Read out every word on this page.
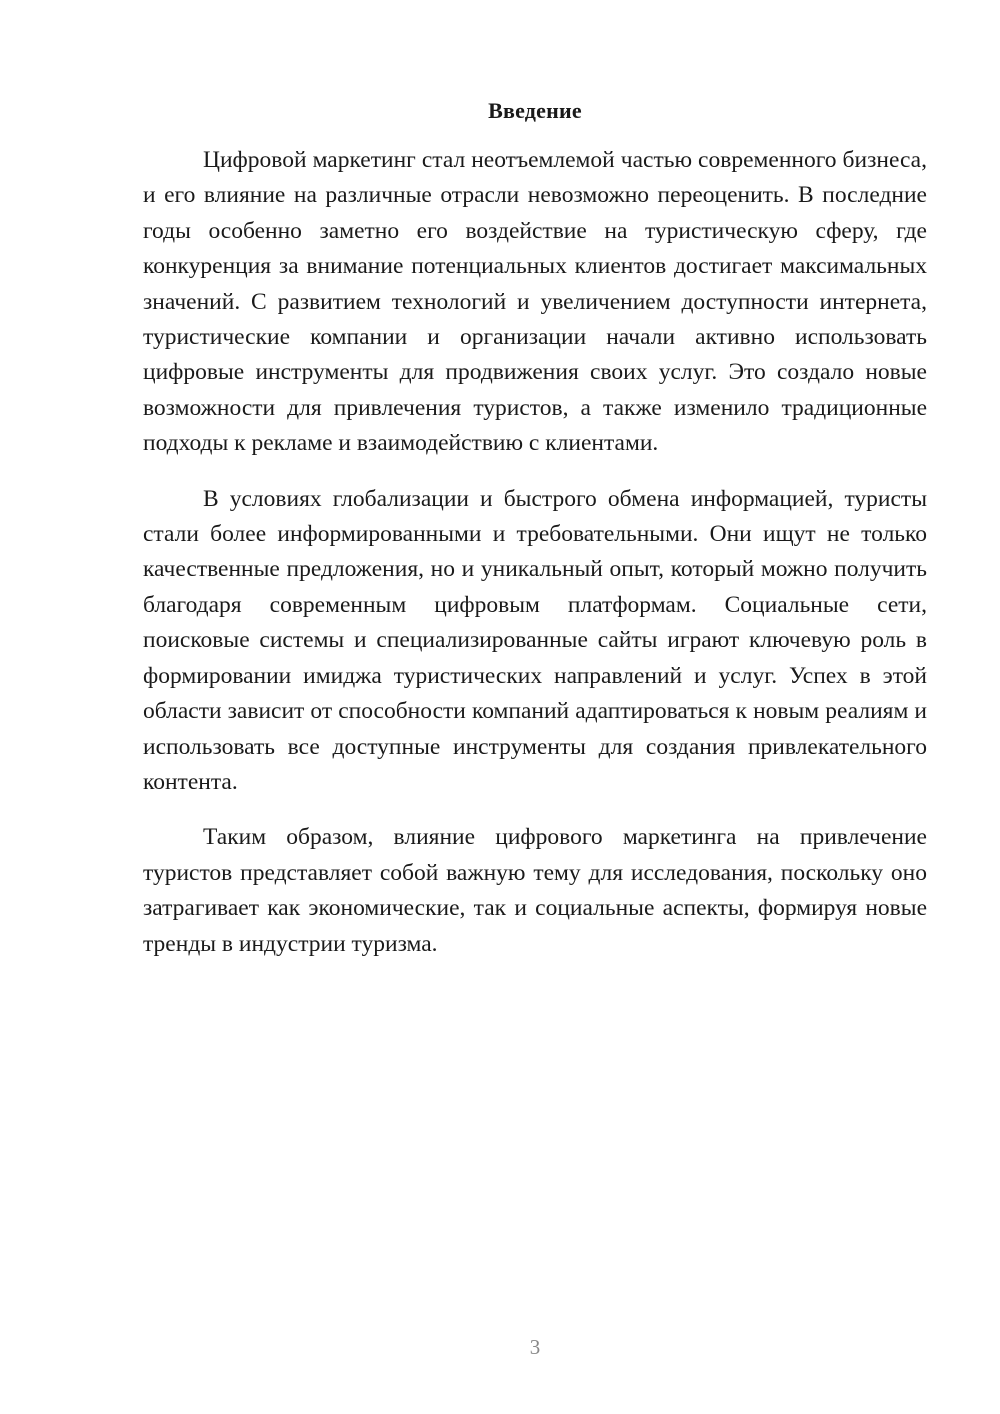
Введение

Цифровой маркетинг стал неотъемлемой частью современного бизнеса, и его влияние на различные отрасли невозможно переоценить. В последние годы особенно заметно его воздействие на туристическую сферу, где конкуренция за внимание потенциальных клиентов достигает максимальных значений. С развитием технологий и увеличением доступности интернета, туристические компании и организации начали активно использовать цифровые инструменты для продвижения своих услуг. Это создало новые возможности для привлечения туристов, а также изменило традиционные подходы к рекламе и взаимодействию с клиентами.

В условиях глобализации и быстрого обмена информацией, туристы стали более информированными и требовательными. Они ищут не только качественные предложения, но и уникальный опыт, который можно получить благодаря современным цифровым платформам. Социальные сети, поисковые системы и специализированные сайты играют ключевую роль в формировании имиджа туристических направлений и услуг. Успех в этой области зависит от способности компаний адаптироваться к новым реалиям и использовать все доступные инструменты для создания привлекательного контента.

Таким образом, влияние цифрового маркетинга на привлечение туристов представляет собой важную тему для исследования, поскольку оно затрагивает как экономические, так и социальные аспекты, формируя новые тренды в индустрии туризма.

3
